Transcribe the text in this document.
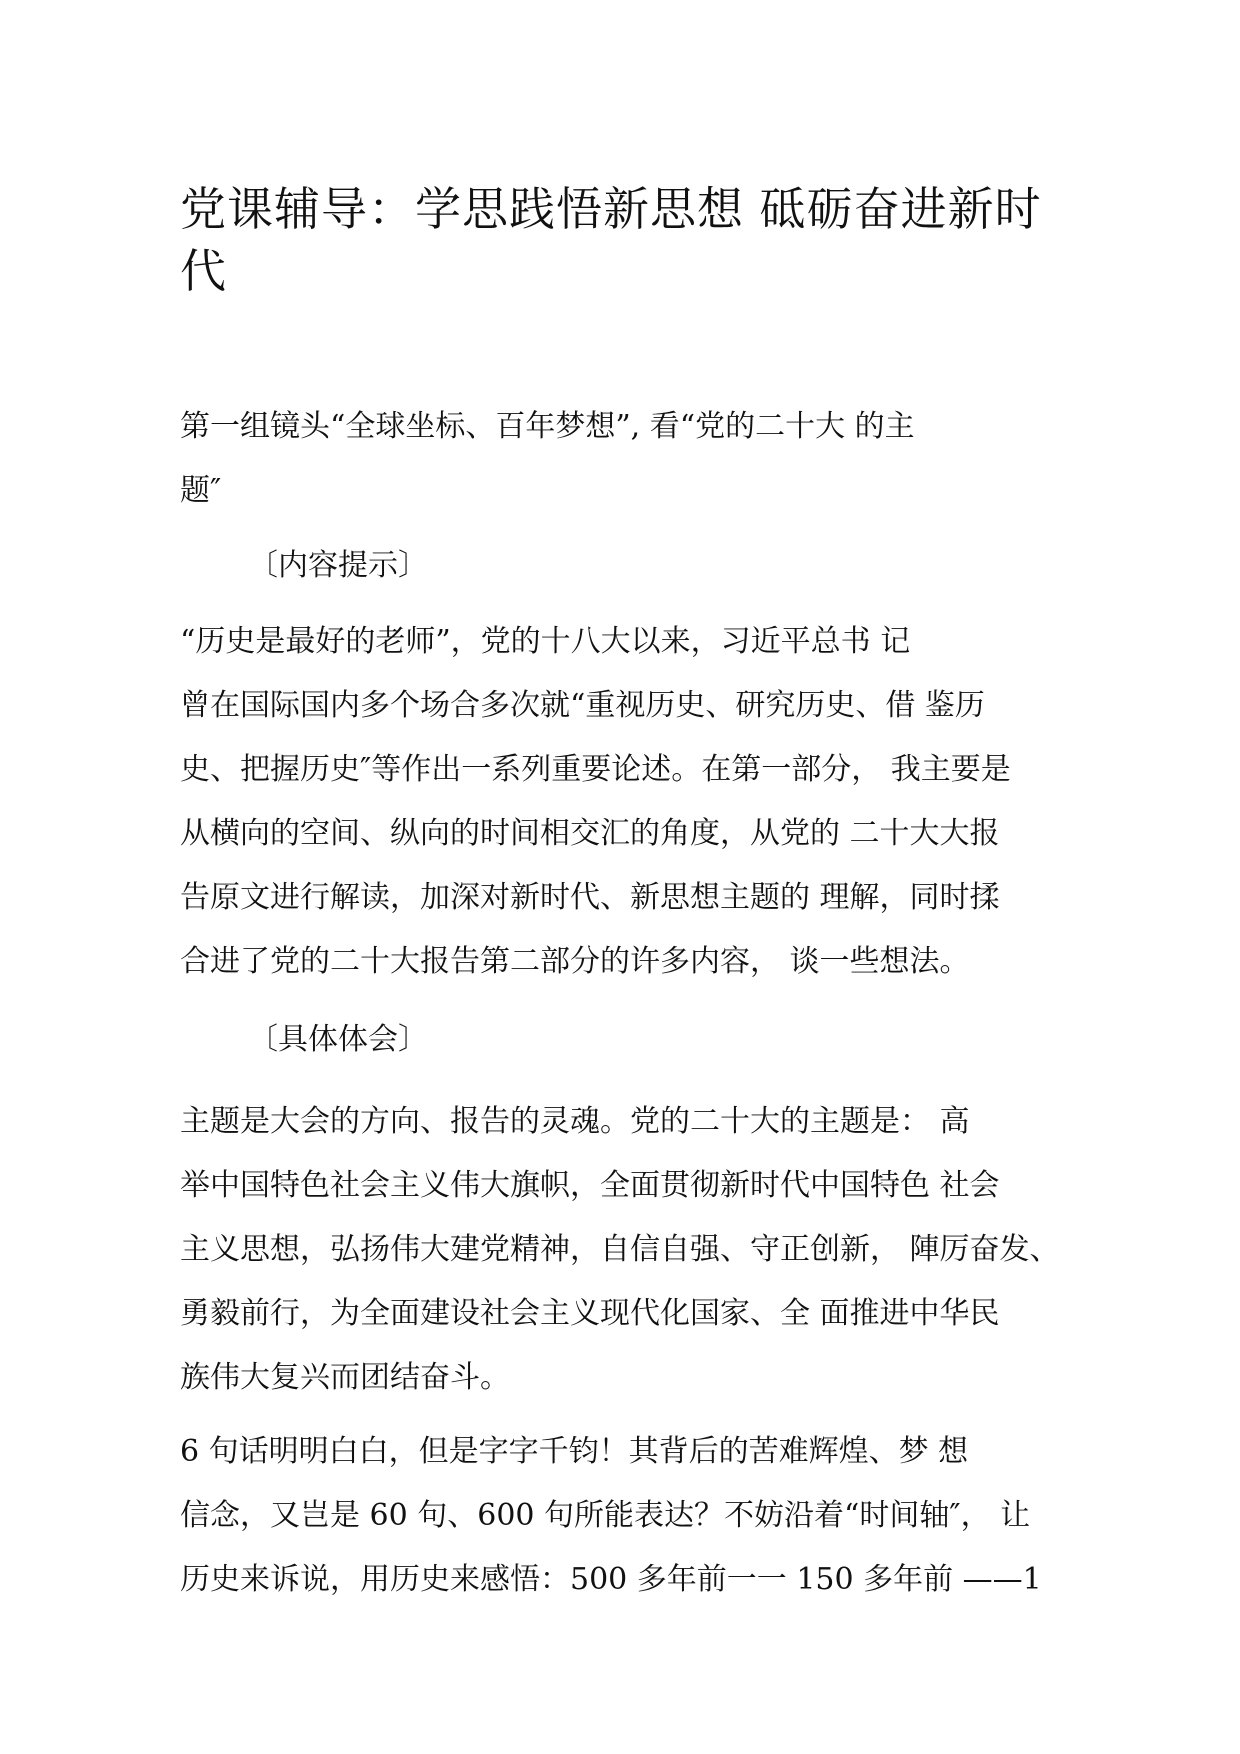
党课辅导：学思践悟新思想 砥砺奋进新时
代

第一组镜头“全球坐标、百年梦想”, 看“党的二十大 的主
题″

〔内容提示〕

“历史是最好的老师”，党的十八大以来，习近平总书 记
曾在国际国内多个场合多次就“重视历史、研究历史、借 鉴历
史、把握历史″等作出一系列重要论述。在第一部分， 我主要是
从横向的空间、纵向的时间相交汇的角度，从党的 二十大大报
告原文进行解读，加深对新时代、新思想主题的 理解，同时揉
合进了党的二十大报告第二部分的许多内容， 谈一些想法。

〔具体体会〕

主题是大会的方向、报告的灵魂。党的二十大的主题是： 高
举中国特色社会主义伟大旗帜，全面贯彻新时代中国特色 社会
主义思想，弘扬伟大建党精神，自信自强、守正创新， 陣厉奋发、
勇毅前行，为全面建设社会主义现代化国家、全 面推进中华民
族伟大复兴而团结奋斗。

6 句话明明白白，但是字字千钧！其背后的苦难辉煌、梦 想
信念，又岂是 60 句、600 句所能表达？不妨沿着“时间轴″， 让
历史来诉说，用历史来感悟：500 多年前一一 150 多年前 ——1
